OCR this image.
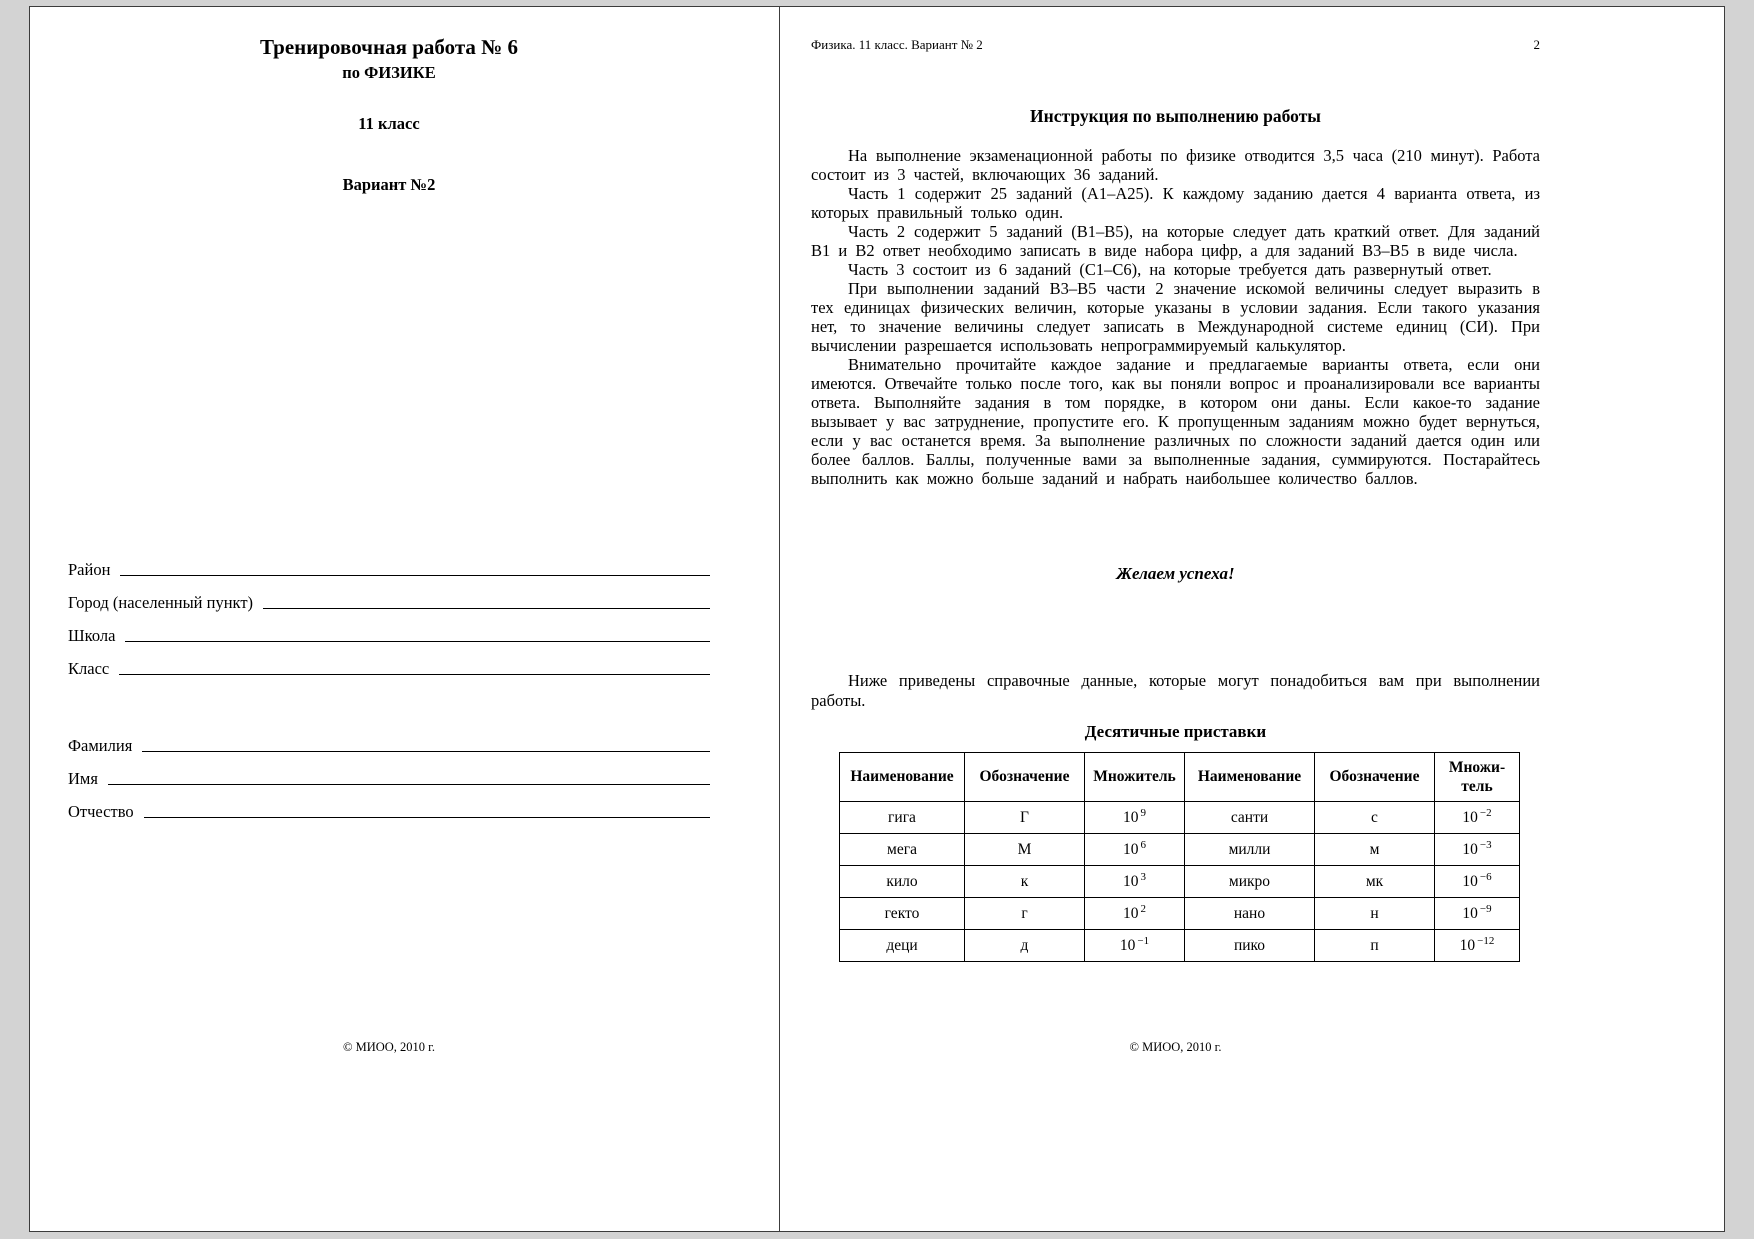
Тренировочная работа № 6
по ФИЗИКЕ
11 класс
Вариант №2
Район
Город (населенный пункт)
Школа
Класс
Фамилия
Имя
Отчество
© МИОО, 2010 г.
Физика. 11 класс. Вариант № 2	2
Инструкция по выполнению работы

На выполнение экзаменационной работы по физике отводится 3,5 часа (210 минут). Работа состоит из 3 частей, включающих 36 заданий.

Часть 1 содержит 25 заданий (А1–А25). К каждому заданию дается 4 варианта ответа, из которых правильный только один.

Часть 2 содержит 5 заданий (В1–В5), на которые следует дать краткий ответ. Для заданий В1 и В2 ответ необходимо записать в виде набора цифр, а для заданий В3–В5 в виде числа.

Часть 3 состоит из 6 заданий (С1–С6), на которые требуется дать развернутый ответ.

При выполнении заданий В3–В5 части 2 значение искомой величины следует выразить в тех единицах физических величин, которые указаны в условии задания. Если такого указания нет, то значение величины следует записать в Международной системе единиц (СИ). При вычислении разрешается использовать непрограммируемый калькулятор.

Внимательно прочитайте каждое задание и предлагаемые варианты ответа, если они имеются. Отвечайте только после того, как вы поняли вопрос и проанализировали все варианты ответа. Выполняйте задания в том порядке, в котором они даны. Если какое-то задание вызывает у вас затруднение, пропустите его. К пропущенным заданиям можно будет вернуться, если у вас останется время. За выполнение различных по сложности заданий дается один или более баллов. Баллы, полученные вами за выполненные задания, суммируются. Постарайтесь выполнить как можно больше заданий и набрать наибольшее количество баллов.

Желаем успеха!

Ниже приведены справочные данные, которые могут понадобиться вам при выполнении работы.

Десятичные приставки
Наименование	Обозначение	Множитель	Наименование	Обозначение	Множи-тель
гига	Г	10 $^9$	санти	с	10 $^{-2}$
мега	М	10 $^6$	милли	м	10 $^{-3}$
кило	к	10 $^3$	микро	мк	10 $^{-6}$
гекто	г	10 $^2$	нано	н	10 $^{-9}$
деци	д	10 $^{-1}$	пико	п	10 $^{-12}$
© МИОО, 2010 г.
